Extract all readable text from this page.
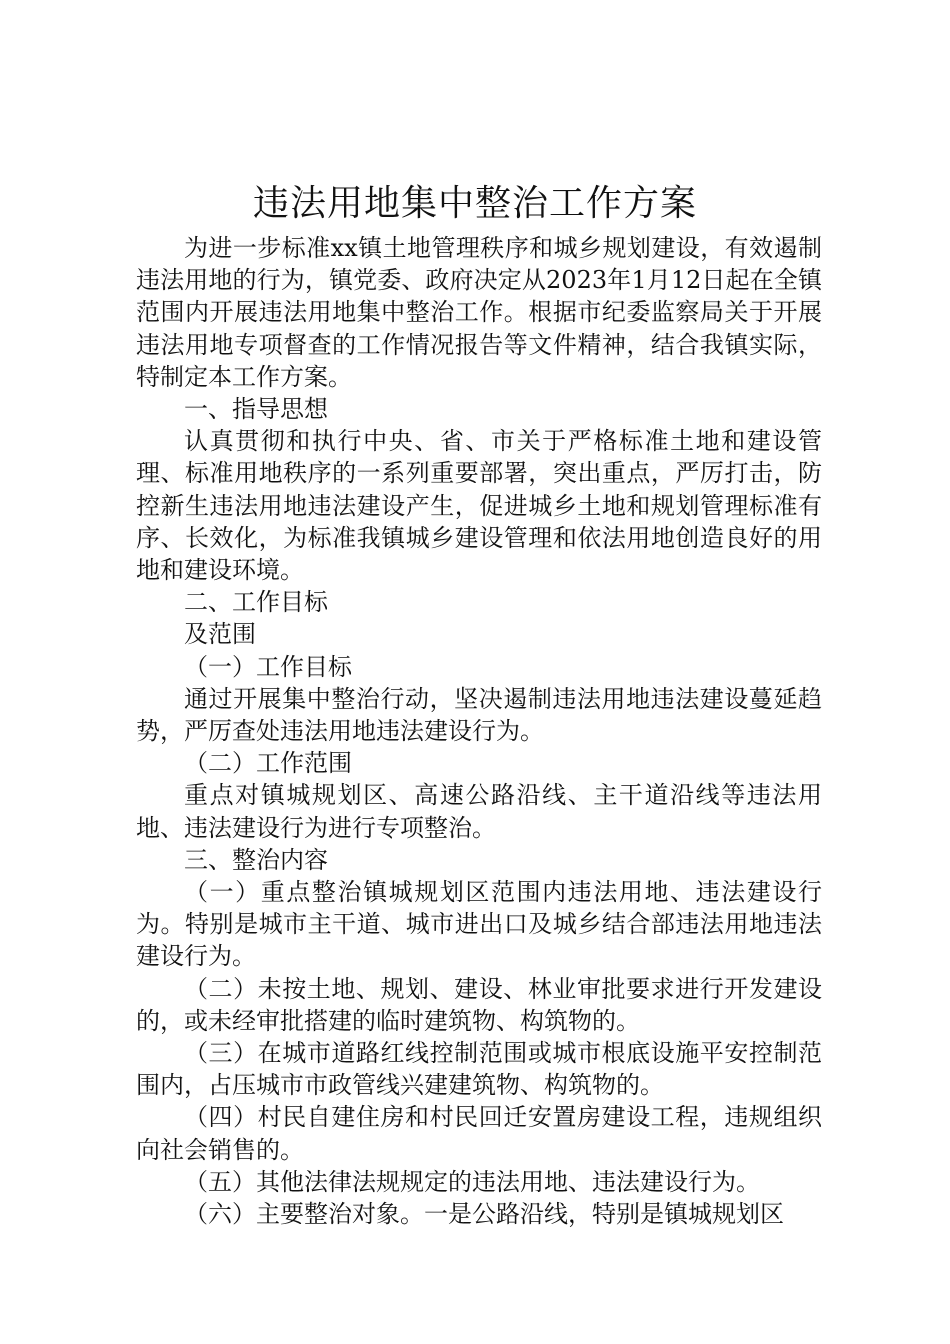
违法用地集中整治工作方案

为进一步标准xx镇土地管理秩序和城乡规划建设，有效遏制违法用地的行为，镇党委、政府决定从2023年1月12日起在全镇范围内开展违法用地集中整治工作。根据市纪委监察局关于开展违法用地专项督查的工作情况报告等文件精神，结合我镇实际，特制定本工作方案。

一、指导思想

认真贯彻和执行中央、省、市关于严格标准土地和建设管理、标准用地秩序的一系列重要部署，突出重点，严厉打击，防控新生违法用地违法建设产生，促进城乡土地和规划管理标准有序、长效化，为标准我镇城乡建设管理和依法用地创造良好的用地和建设环境。

二、工作目标

及范围

（一）工作目标

通过开展集中整治行动，坚决遏制违法用地违法建设蔓延趋势，严厉查处违法用地违法建设行为。

（二）工作范围

重点对镇城规划区、高速公路沿线、主干道沿线等违法用地、违法建设行为进行专项整治。

三、整治内容

（一）重点整治镇城规划区范围内违法用地、违法建设行为。特别是城市主干道、城市进出口及城乡结合部违法用地违法建设行为。

（二）未按土地、规划、建设、林业审批要求进行开发建设的，或未经审批搭建的临时建筑物、构筑物的。

（三）在城市道路红线控制范围或城市根底设施平安控制范围内，占压城市市政管线兴建建筑物、构筑物的。

（四）村民自建住房和村民回迁安置房建设工程，违规组织向社会销售的。

（五）其他法律法规规定的违法用地、违法建设行为。

（六）主要整治对象。一是公路沿线，特别是镇城规划区
